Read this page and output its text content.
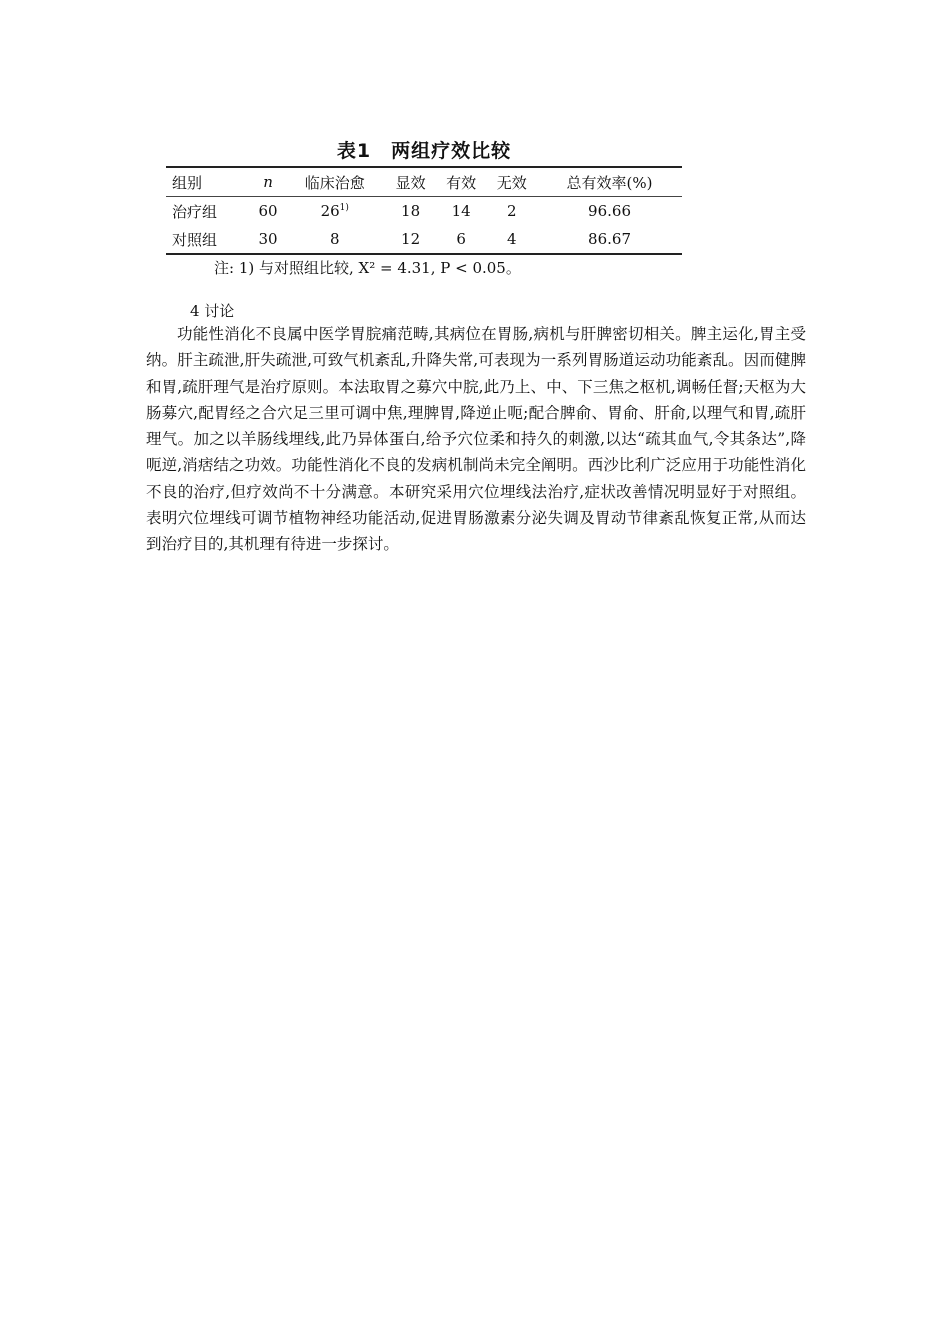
表1　两组疗效比较
组别	n	临床治愈	显效	有效	无效	总有效率(%)
治疗组	60	26$^{1)}$	18	14	2	96.66
对照组	30	8	12	6	4	86.67
注: 1) 与对照组比较, X² = 4.31, P < 0.05。
4 讨论

功能性消化不良属中医学胃脘痛范畴,其病位在胃肠,病机与肝脾密切相关。脾主运化,胃主受纳。肝主疏泄,肝失疏泄,可致气机紊乱,升降失常,可表现为一系列胃肠道运动功能紊乱。因而健脾和胃,疏肝理气是治疗原则。本法取胃之募穴中脘,此乃上、中、下三焦之枢机,调畅任督;天枢为大肠募穴,配胃经之合穴足三里可调中焦,理脾胃,降逆止呃;配合脾俞、胃俞、肝俞,以理气和胃,疏肝理气。加之以羊肠线埋线,此乃异体蛋白,给予穴位柔和持久的刺激,以达“疏其血气,令其条达”,降呃逆,消痞结之功效。功能性消化不良的发病机制尚未完全阐明。西沙比利广泛应用于功能性消化不良的治疗,但疗效尚不十分满意。本研究采用穴位埋线法治疗,症状改善情况明显好于对照组。表明穴位埋线可调节植物神经功能活动,促进胃肠激素分泌失调及胃动节律紊乱恢复正常,从而达到治疗目的,其机理有待进一步探讨。
